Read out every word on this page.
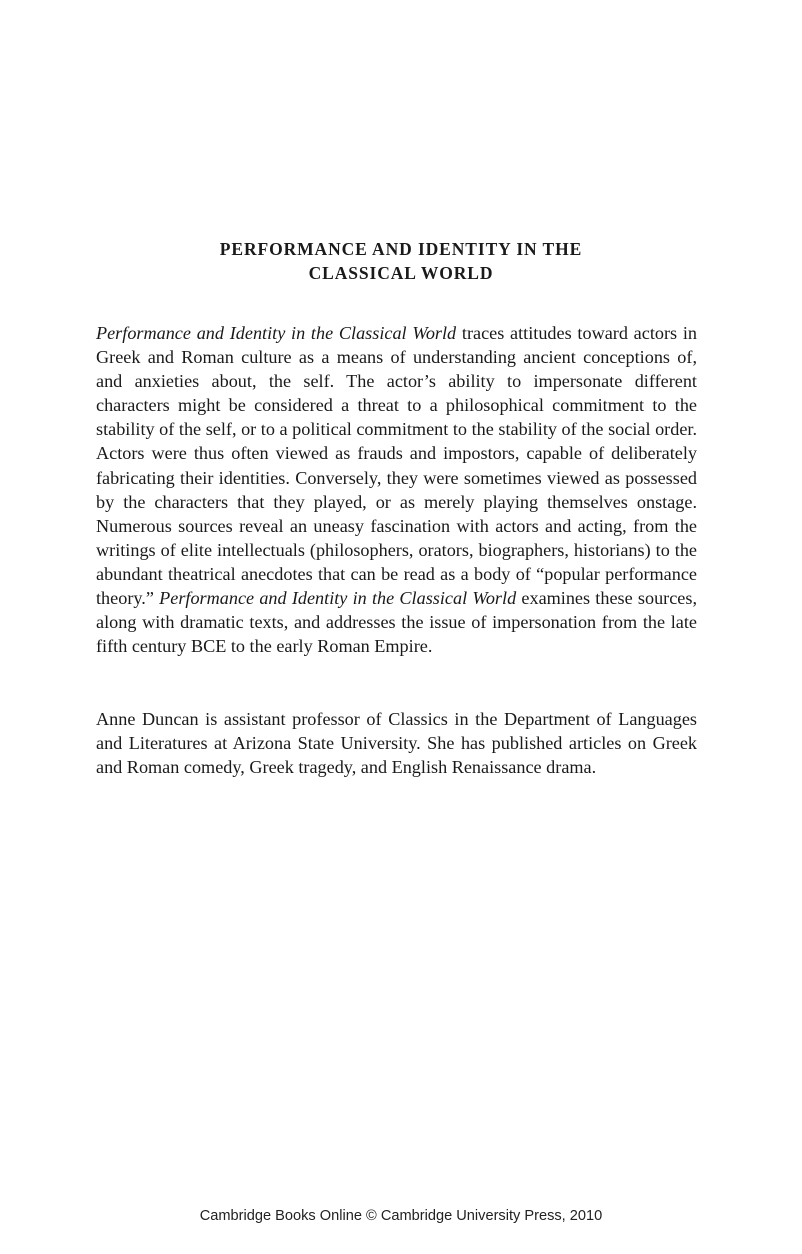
PERFORMANCE AND IDENTITY IN THE
CLASSICAL WORLD

Performance and Identity in the Classical World traces attitudes toward actors in Greek and Roman culture as a means of understanding ancient conceptions of, and anxieties about, the self. The actor’s ability to impersonate different characters might be considered a threat to a philosophical commitment to the stability of the self, or to a political commitment to the stability of the social order. Actors were thus often viewed as frauds and impostors, capable of deliberately fabricating their identities. Conversely, they were sometimes viewed as possessed by the characters that they played, or as merely playing themselves onstage. Numerous sources reveal an uneasy fascination with actors and acting, from the writings of elite intellectuals (philosophers, orators, biographers, historians) to the abundant theatrical anecdotes that can be read as a body of “popular performance theory.” Performance and Identity in the Classical World examines these sources, along with dramatic texts, and addresses the issue of impersonation from the late fifth century BCE to the early Roman Empire.

Anne Duncan is assistant professor of Classics in the Department of Languages and Literatures at Arizona State University. She has published articles on Greek and Roman comedy, Greek tragedy, and English Renaissance drama.

Cambridge Books Online © Cambridge University Press, 2010
